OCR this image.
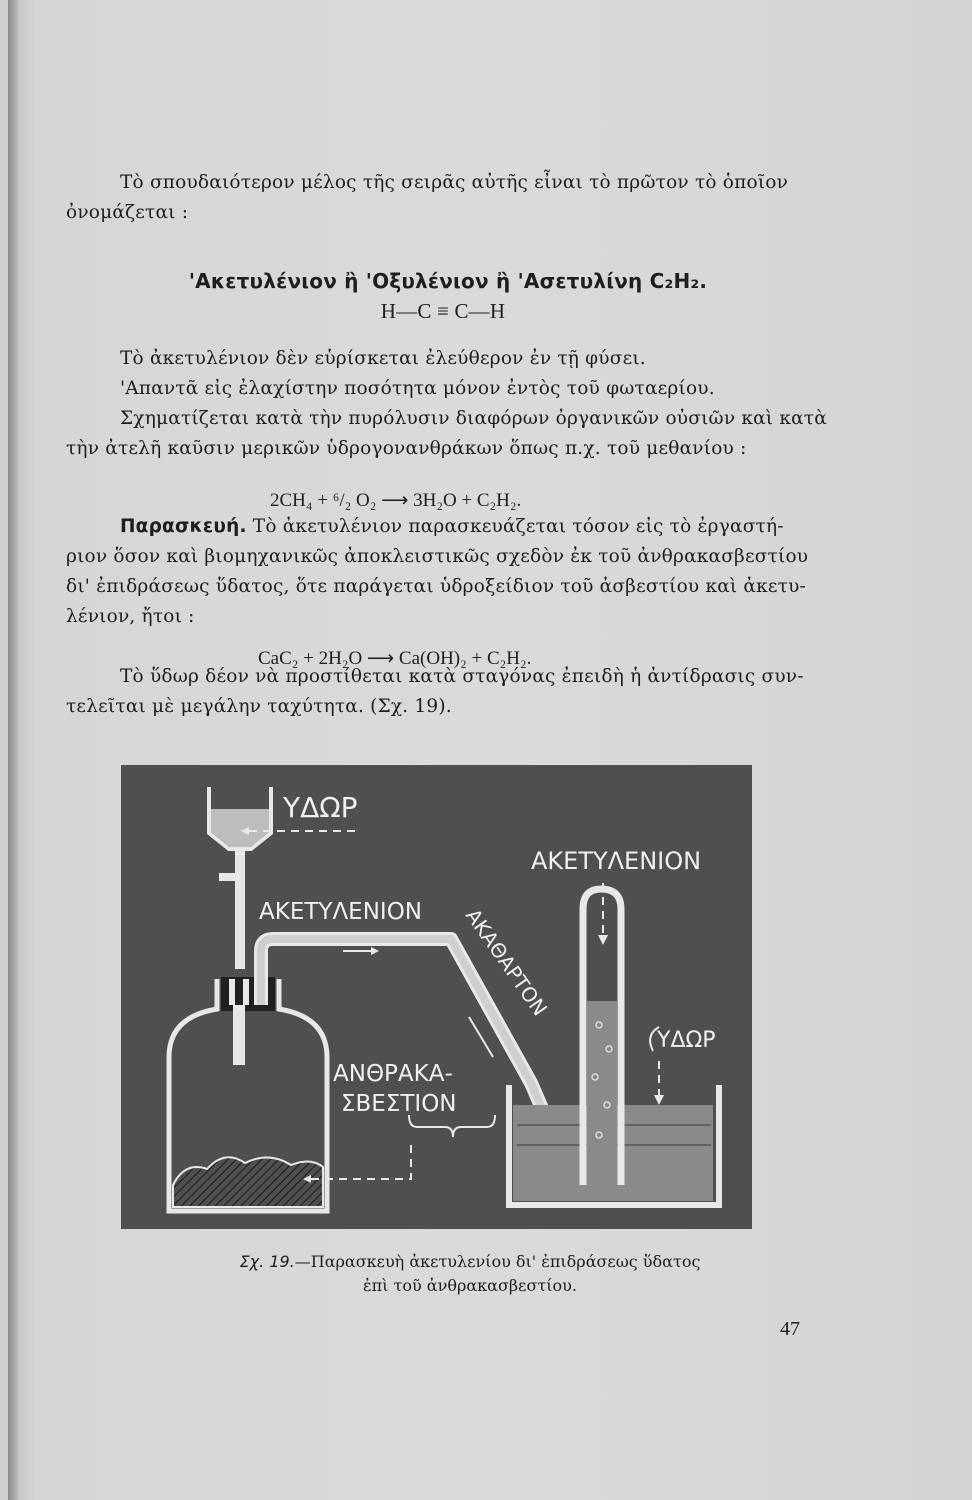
Τὸ σπουδαιότερον μέλος τῆς σειρᾶς αὐτῆς εἶναι τὸ πρῶτον τὸ ὁποῖον

ὀνομάζεται :

'Ακετυλένιον ἢ 'Οξυλένιον ἢ 'Ασετυλίνη C₂H₂.

H—C ≡ C—H

Τὸ ἀκετυλένιον δὲν εὑρίσκεται ἐλεύθερον ἐν τῇ φύσει.

'Απαντᾶ εἰς ἐλαχίστην ποσότητα μόνον ἐντὸς τοῦ φωταερίου.

Σχηματίζεται κατὰ τὴν πυρόλυσιν διαφόρων ὀργανικῶν οὐσιῶν καὶ κατὰ

τὴν ἀτελῆ καῦσιν μερικῶν ὑδρογονανθράκων ὅπως π.χ. τοῦ μεθανίου :

2CH₄ + ⁶/₂ O₂ ⟶ 3H₂O + C₂H₂.

Παρασκευή. Τὸ ἀκετυλένιον παρασκευάζεται τόσον εἰς τὸ ἐργαστή-

ριον ὅσον καὶ βιομηχανικῶς ἀποκλειστικῶς σχεδὸν ἐκ τοῦ ἀνθρακασβεστίου

δι' ἐπιδράσεως ὕδατος, ὅτε παράγεται ὑδροξείδιον τοῦ ἀσβεστίου καὶ ἀκετυ-

λένιον, ἤτοι :

CaC₂ + 2H₂O ⟶ Ca(OH)₂ + C₂H₂.

Τὸ ὕδωρ δέον νὰ προστίθεται κατὰ σταγόνας ἐπειδὴ ἡ ἀντίδρασις συν-

τελεῖται μὲ μεγάλην ταχύτητα. (Σχ. 19).

ΥΔΩΡ
ΑΚΕΤΥΛΕΝΙΟΝ ΑΚΑΘΑΡΤΟΝ
ΑΚΕΤΥΛΕΝΙΟΝ
ΥΔΩΡ
ΑΝΘΡΑΚΑ-
ΣΒΕΣΤΙΟΝ
Σχ. 19.—Παρασκευὴ ἀκετυλενίου δι' ἐπιδράσεως ὕδατος
ἐπὶ τοῦ ἀνθρακασβεστίου.
47
